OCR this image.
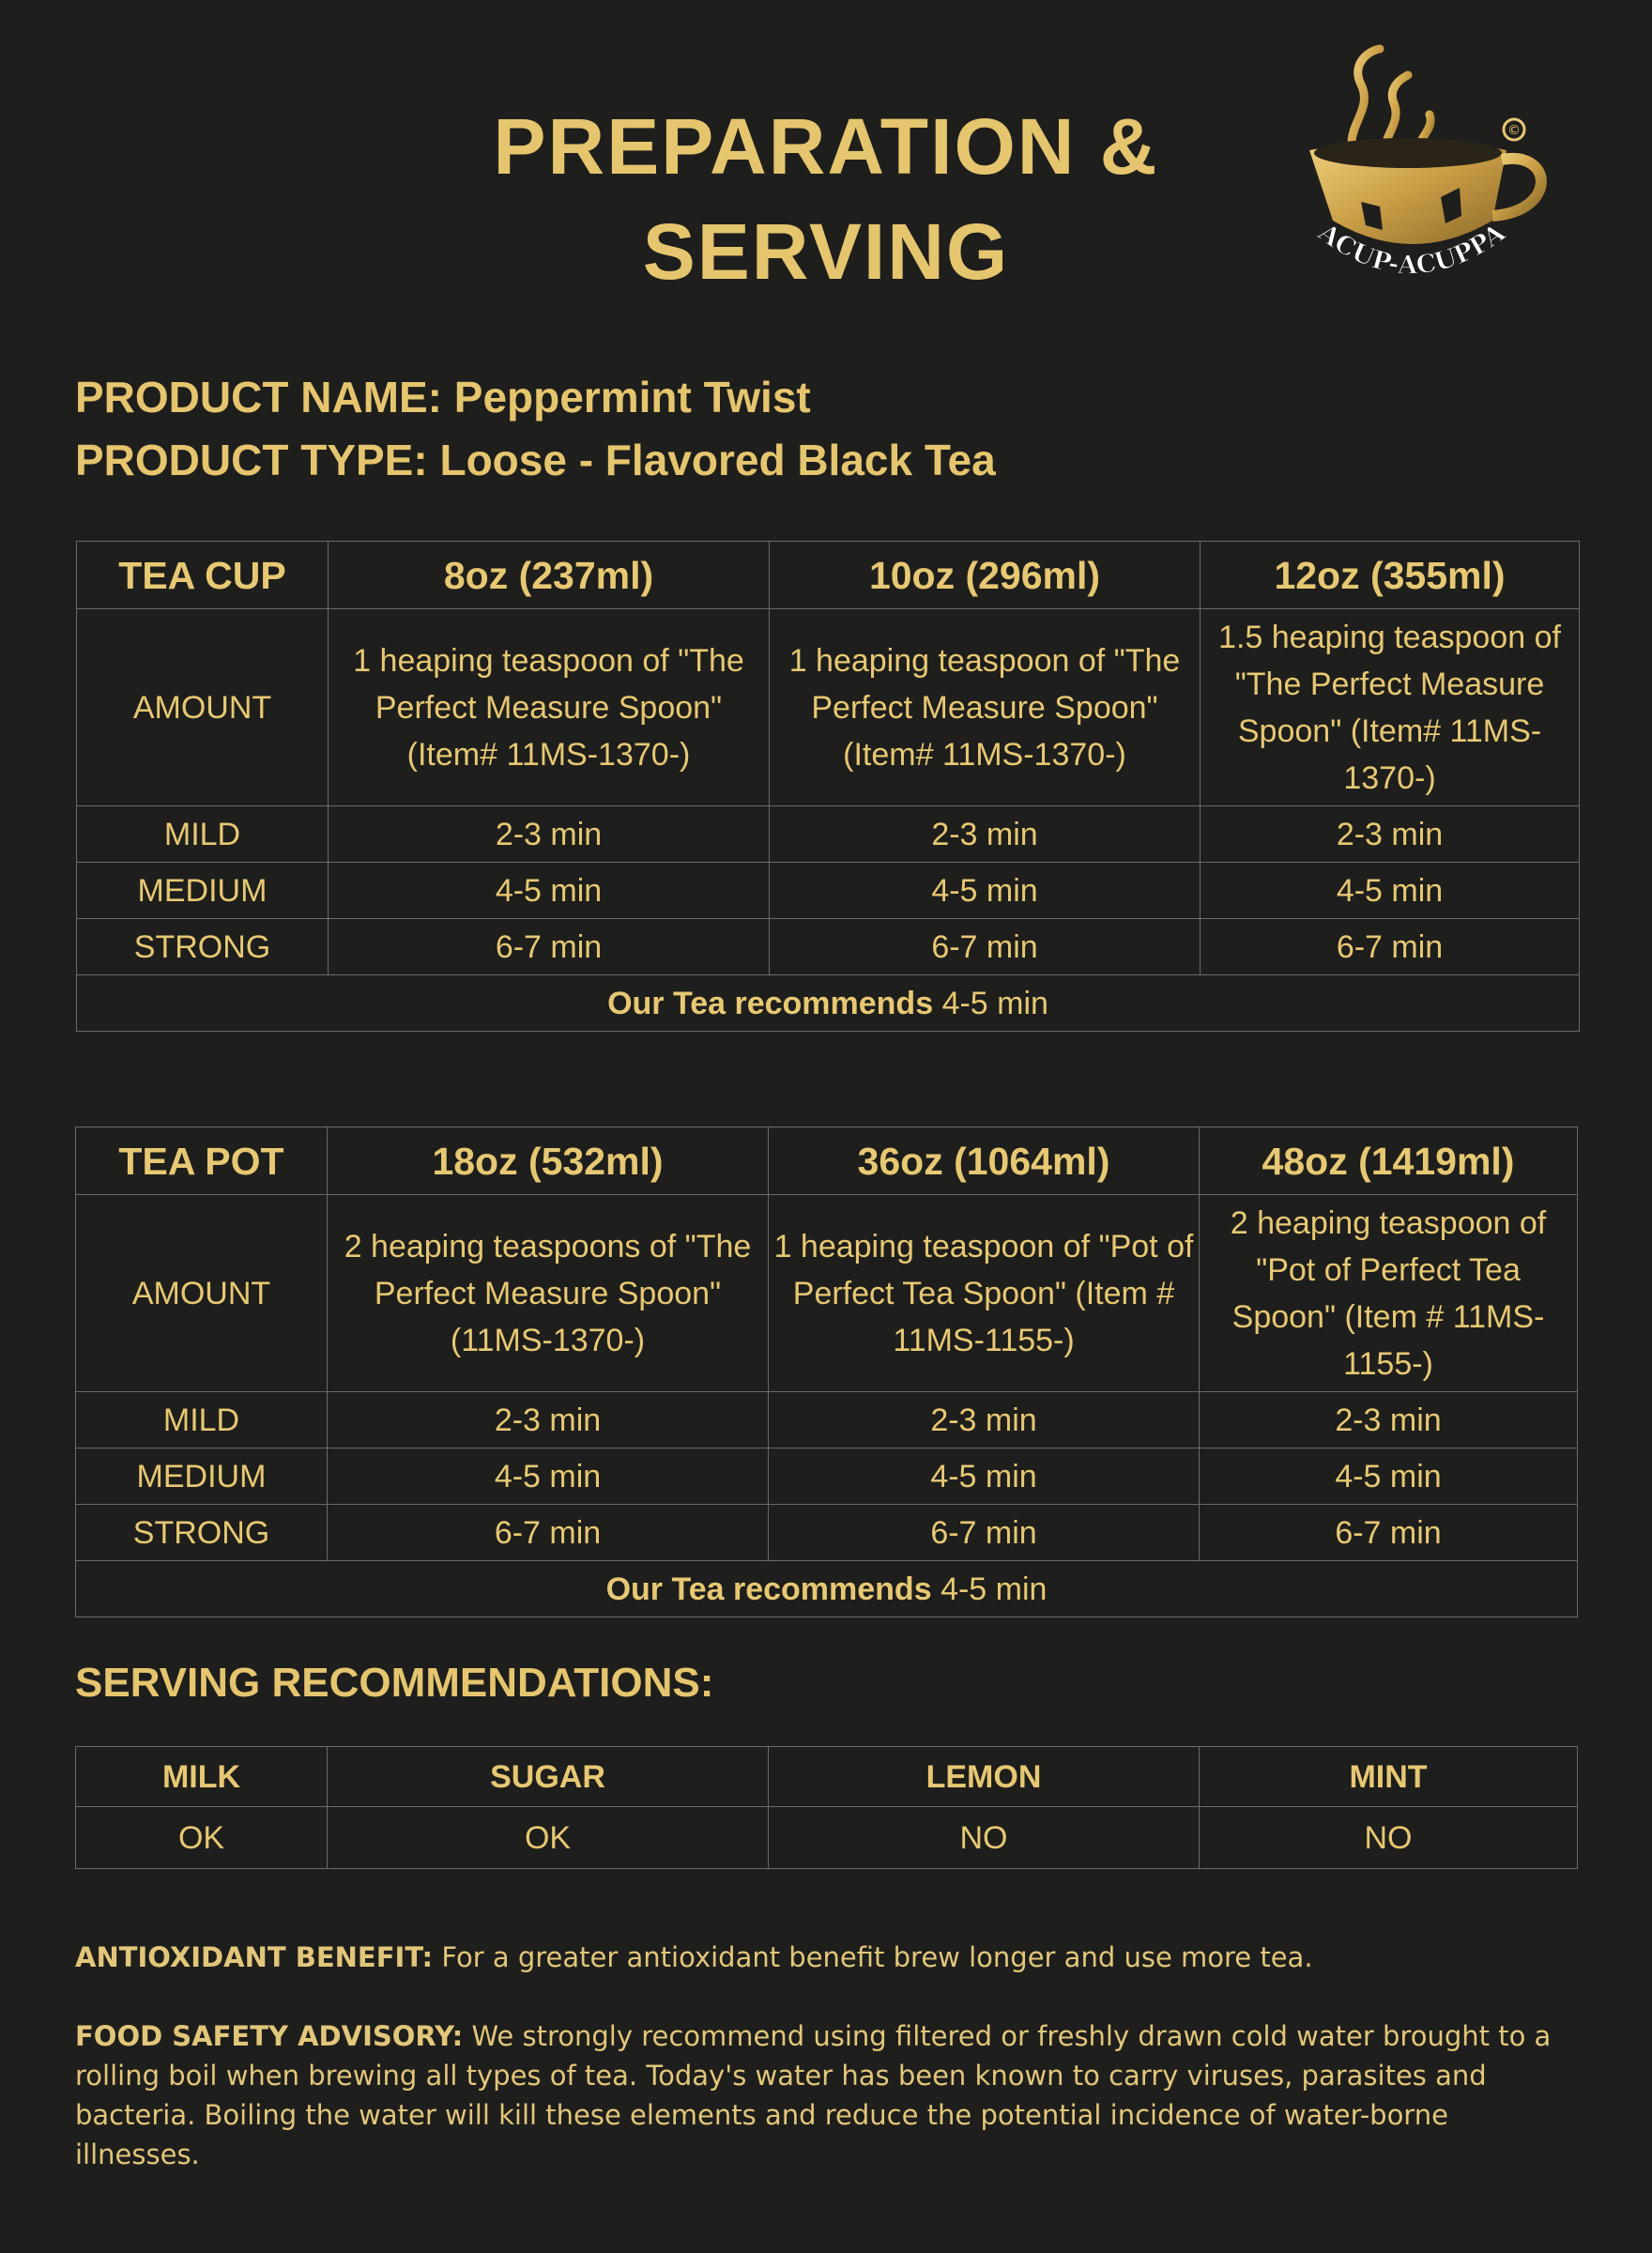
PREPARATION &
SERVING
©
ACUP-ACUPPA

PRODUCT NAME: Peppermint Twist

PRODUCT TYPE: Loose - Flavored Black Tea

TEA CUP	8oz (237ml)	10oz (296ml)	12oz (355ml)
AMOUNT	1 heaping teaspoon of "The Perfect Measure Spoon" (Item# 11MS-1370-)	1 heaping teaspoon of "The Perfect Measure Spoon" (Item# 11MS-1370-)	1.5 heaping teaspoon of "The Perfect Measure Spoon" (Item# 11MS-1370-)
MILD	2-3 min	2-3 min	2-3 min
MEDIUM	4-5 min	4-5 min	4-5 min
STRONG	6-7 min	6-7 min	6-7 min
Our Tea recommends 4-5 min			
TEA POT	18oz (532ml)	36oz (1064ml)	48oz (1419ml)
AMOUNT	2 heaping teaspoons of "The Perfect Measure Spoon" (11MS-1370-)	1 heaping teaspoon of "Pot of Perfect Tea Spoon" (Item # 11MS-1155-)	2 heaping teaspoon of "Pot of Perfect Tea Spoon" (Item # 11MS-1155-)
MILD	2-3 min	2-3 min	2-3 min
MEDIUM	4-5 min	4-5 min	4-5 min
STRONG	6-7 min	6-7 min	6-7 min
Our Tea recommends 4-5 min			
SERVING RECOMMENDATIONS:
MILK	SUGAR	LEMON	MINT
OK	OK	NO	NO

ANTIOXIDANT BENEFIT: For a greater antioxidant benefit brew longer and use more tea.

FOOD SAFETY ADVISORY: We strongly recommend using filtered or freshly drawn cold water brought to a rolling boil when brewing all types of tea. Today's water has been known to carry viruses, parasites and bacteria. Boiling the water will kill these elements and reduce the potential incidence of water-borne illnesses.
